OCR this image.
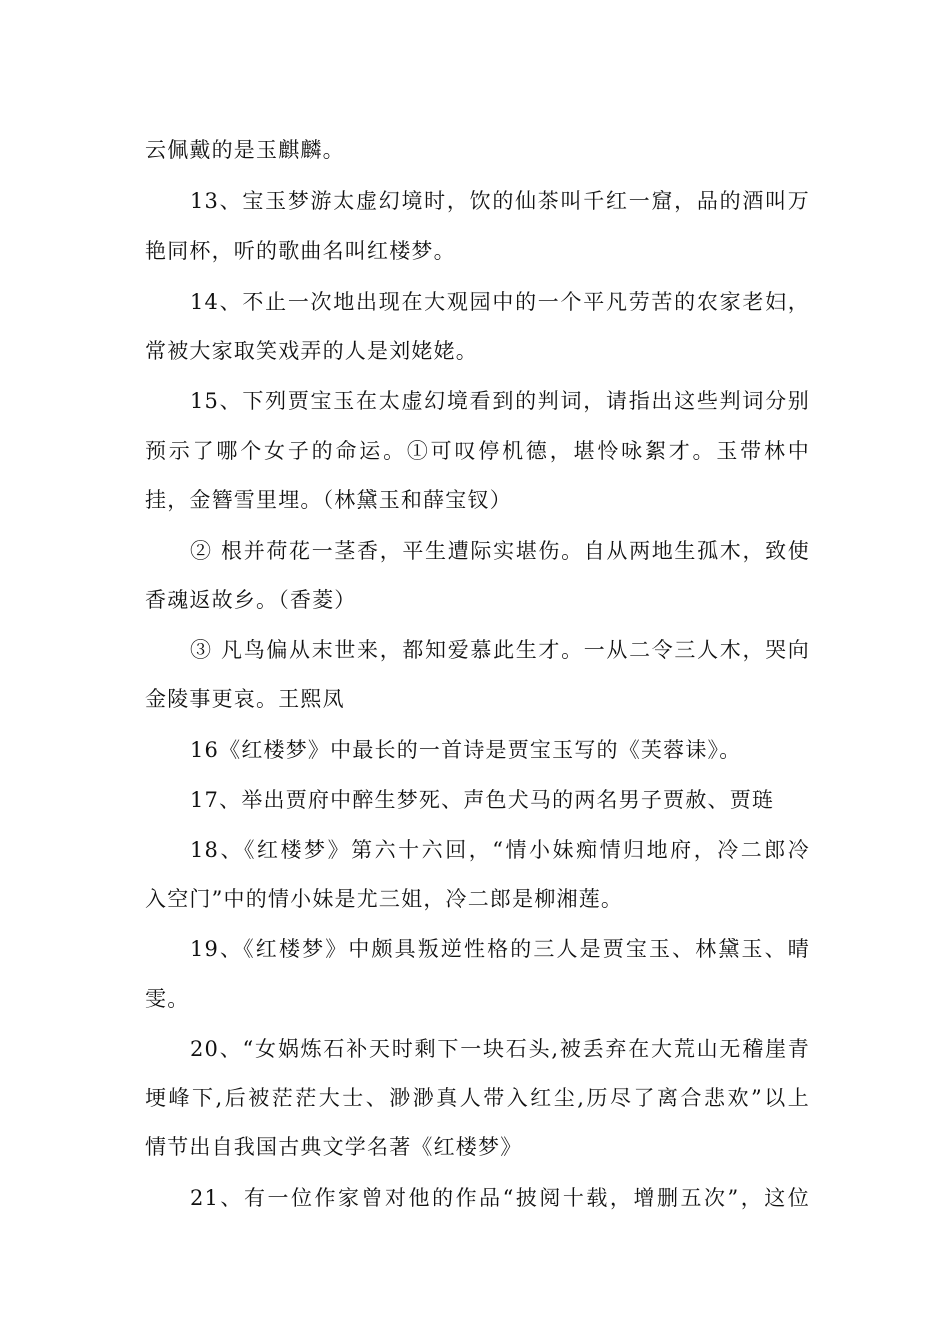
云佩戴的是玉麒麟。
13、宝玉梦游太虚幻境时，饮的仙茶叫千红一窟，品的酒叫万
艳同杯，听的歌曲名叫红楼梦。
14、不止一次地出现在大观园中的一个平凡劳苦的农家老妇，
常被大家取笑戏弄的人是刘姥姥。
15、下列贾宝玉在太虚幻境看到的判词，请指出这些判词分别
预示了哪个女子的命运。①可叹停机德，堪怜咏絮才。玉带林中
挂，金簪雪里埋。（林黛玉和薛宝钗）
② 根并荷花一茎香，平生遭际实堪伤。自从两地生孤木，致使
香魂返故乡。（香菱）
③ 凡鸟偏从末世来，都知爱慕此生才。一从二令三人木，哭向
金陵事更哀。王熙凤
16《红楼梦》中最长的一首诗是贾宝玉写的《芙蓉诔》。
17、举出贾府中醉生梦死、声色犬马的两名男子贾赦、贾琏
18、《红楼梦》第六十六回，“情小妹痴情归地府，冷二郎冷
入空门”中的情小妹是尤三姐，冷二郎是柳湘莲。
19、《红楼梦》中颇具叛逆性格的三人是贾宝玉、林黛玉、晴
雯。
20、“女娲炼石补天时剩下一块石头,被丢弃在大荒山无稽崖青
埂峰下,后被茫茫大士、渺渺真人带入红尘,历尽了离合悲欢”以上
情节出自我国古典文学名著《红楼梦》
21、有一位作家曾对他的作品“披阅十载，增删五次”，这位
